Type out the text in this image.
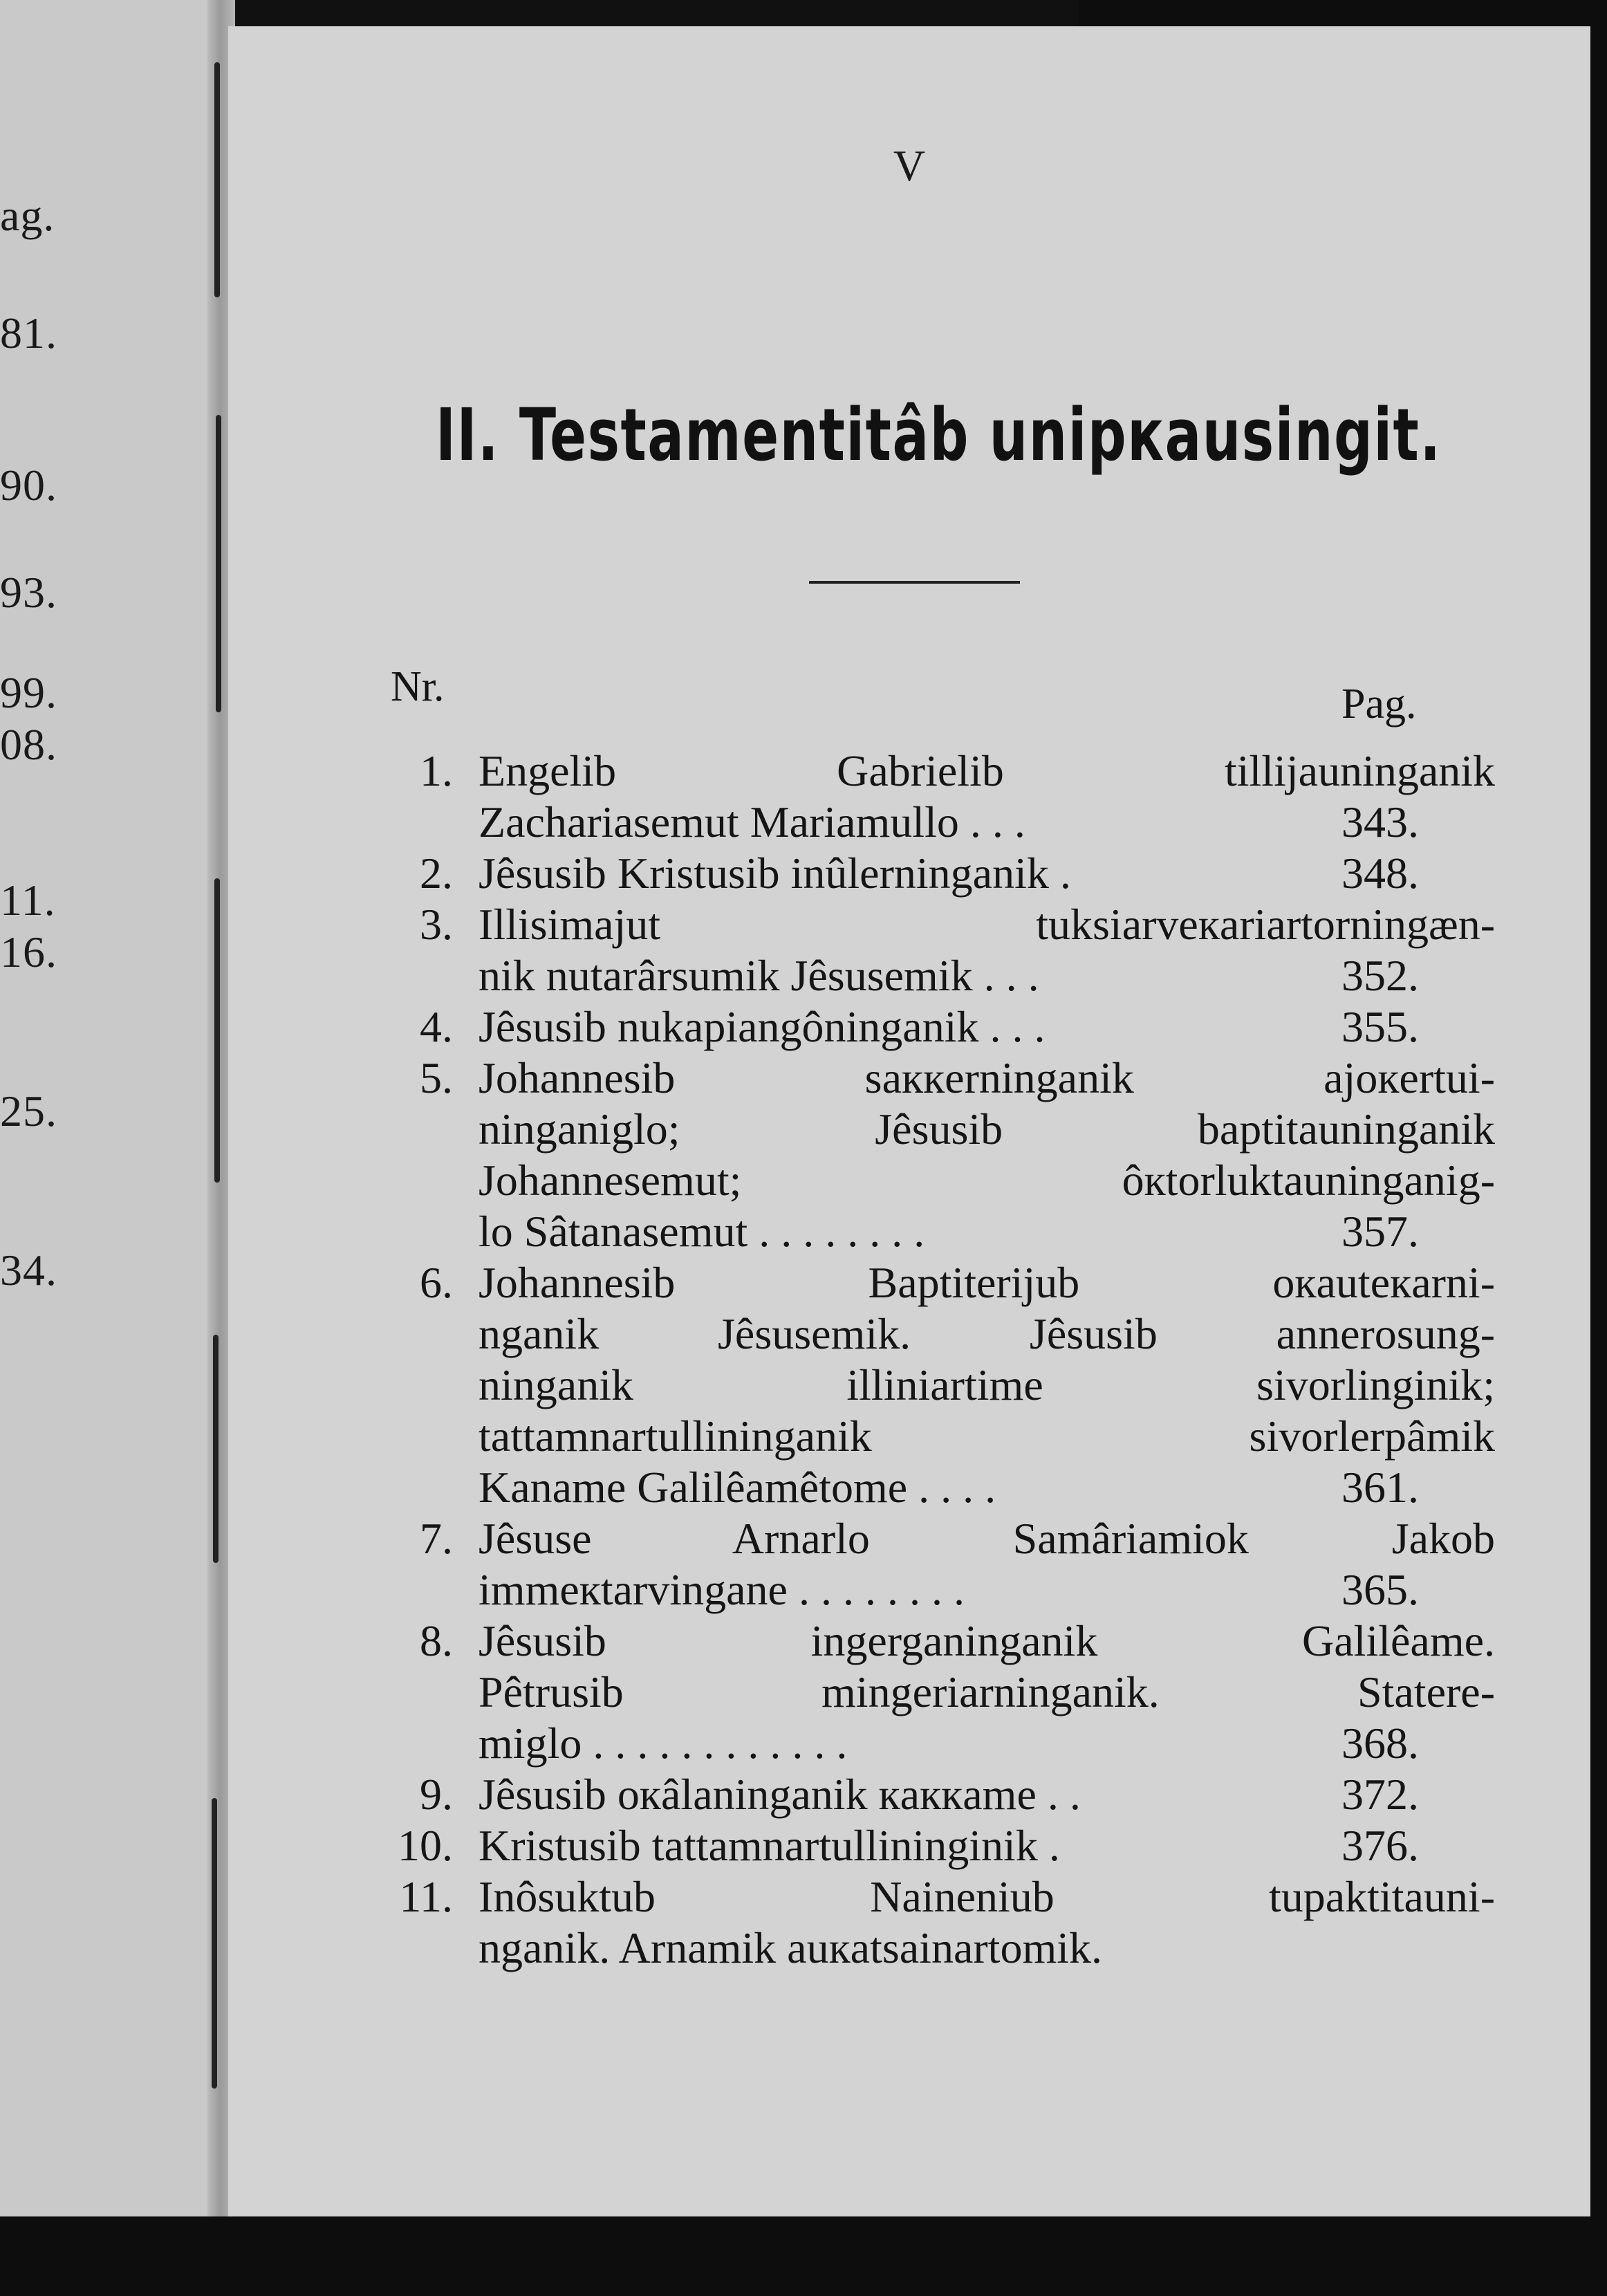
ag.
81.
90.
93.
99.
08.
11.
16.
25.
34.
V
II. Testamentitâb unipкausingit.
Nr.	Pag.
1. Engelib Gabrielib tillijauninganik
Zachariasemut Mariamullo . . .	343.
2. Jêsusib Kristusib inûlerninganik .	348.
3. Illisimajut tuksiarveкariartorningæn-
nik nutarârsumik Jêsusemik . . .	352.
4. Jêsusib nukapiangôninganik . . .	355.
5. Johannesib saккerninganik ajoкertui-
ninganiglo; Jêsusib baptitauninganik
Johannesemut; ôкtorluktauninganig-
lo Sâtanasemut . . . . . . . .	357.
6. Johannesib Baptiterijub oкauteкarni-
nganik Jêsusemik. Jêsusib annerosung-
ninganik illiniartime sivorlinginik;
tattamnartullininganik sivorlerpâmik
Kaname Galilêamêtome . . . .	361.
7. Jêsuse Arnarlo Samâriamiok Jakob
immeкtarvingane . . . . . . . .	365.
8. Jêsusib ingerganinganik Galilêame.
Pêtrusib mingeriarninganik. Statere-
miglo . . . . . . . . . . . .	368.
9. Jêsusib oкâlaninganik кaккame . .	372.
10. Kristusib tattamnartullininginik .	376.
11. Inôsuktub Naineniub tupaktitauni-
nganik. Arnamik auкatsainartomik.
